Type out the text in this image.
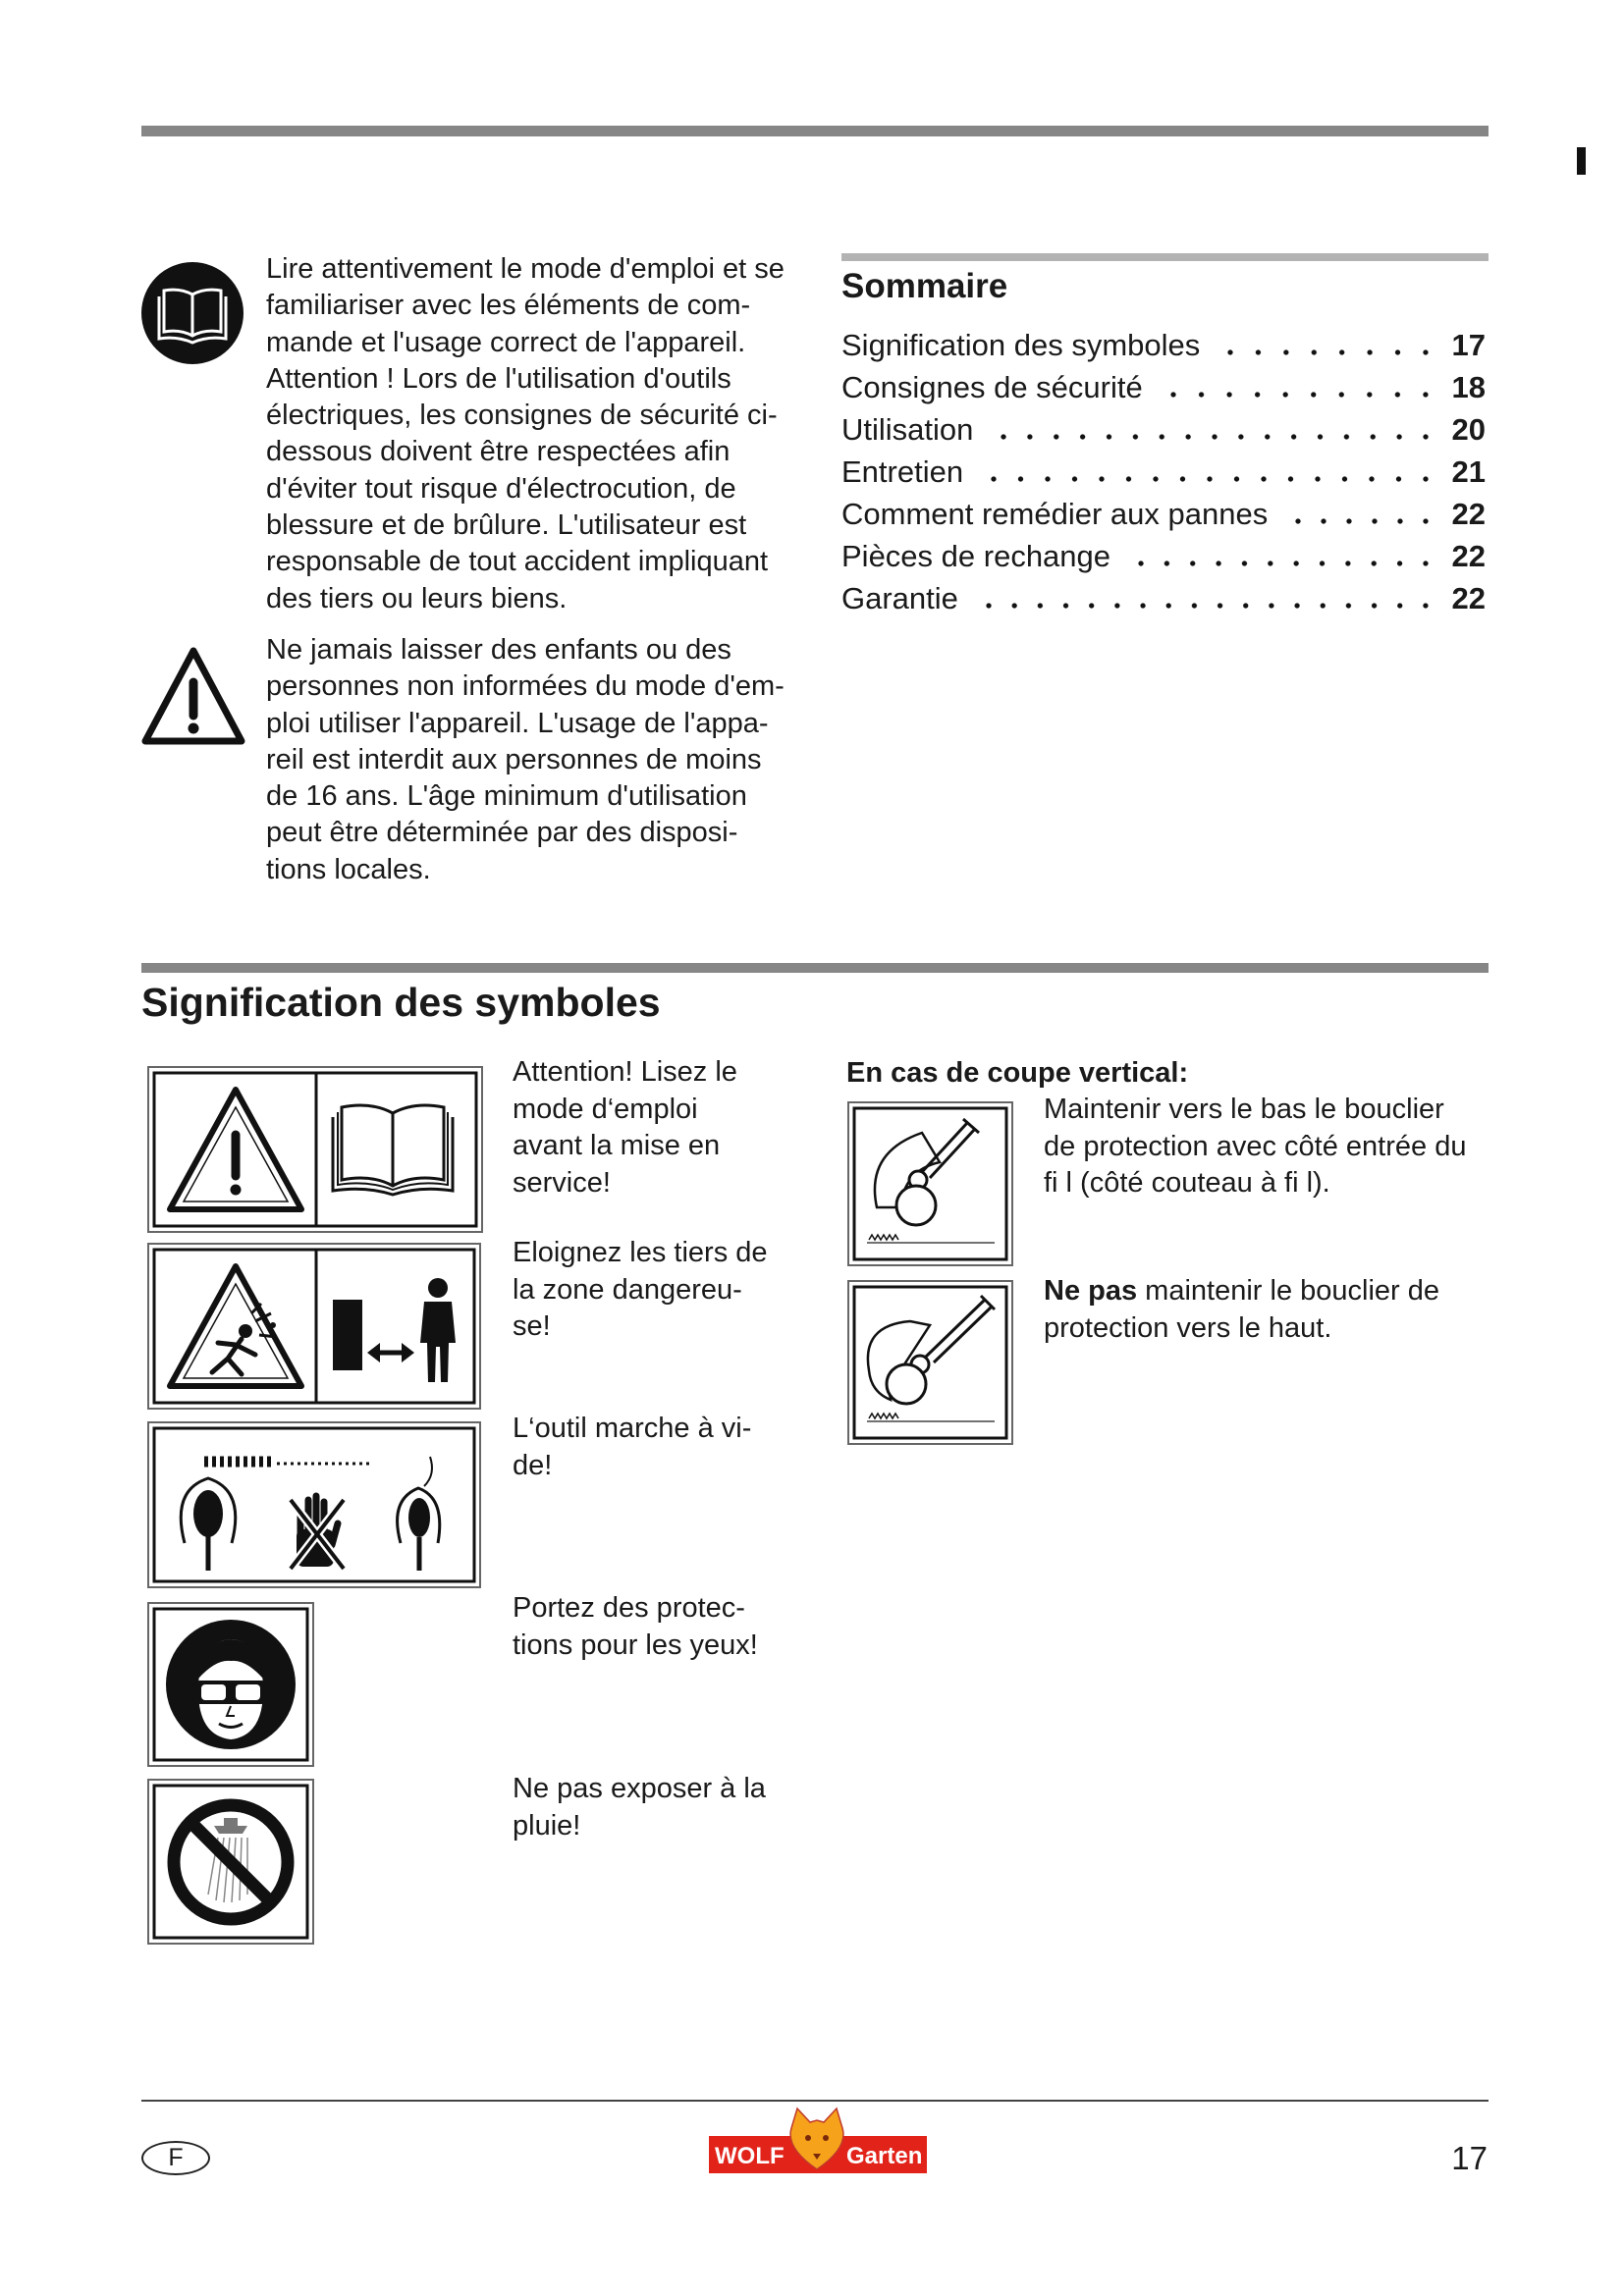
Lire attentivement le mode d'emploi et se
familiariser avec les éléments de com-
mande et l'usage correct de l'appareil.
Attention ! Lors de l'utilisation d'outils
électriques, les consignes de sécurité ci-
dessous doivent être respectées afin
d'éviter tout risque d'électrocution, de
blessure et de brûlure. L'utilisateur est
responsable de tout accident impliquant
des tiers ou leurs biens.
Ne jamais laisser des enfants ou des
personnes non informées du mode d'em-
ploi utiliser l'appareil. L'usage de l'appa-
reil est interdit aux personnes de moins
de 16 ans. L'âge minimum d'utilisation
peut être déterminée par des disposi-
tions locales.
Sommaire
Signification des symboles	17
Consignes de sécurité	18
Utilisation	20
Entretien	21
Comment remédier aux pannes	22
Pièces de rechange	22
Garantie	22
Signification des symboles
Attention! Lisez le
mode d‘emploi
avant la mise en
service!
Eloignez les tiers de
la zone dangereu-
se!
L‘outil marche à vi-
de!
Portez des protec-
tions pour les yeux!
Ne pas exposer à la
pluie!
En cas de coupe vertical:
Maintenir vers le bas le bouclier
de protection avec côté entrée du
fi l (côté couteau à fi l).
Ne pas maintenir le bouclier de
protection vers le haut.
F	WOLF	Garten	17
